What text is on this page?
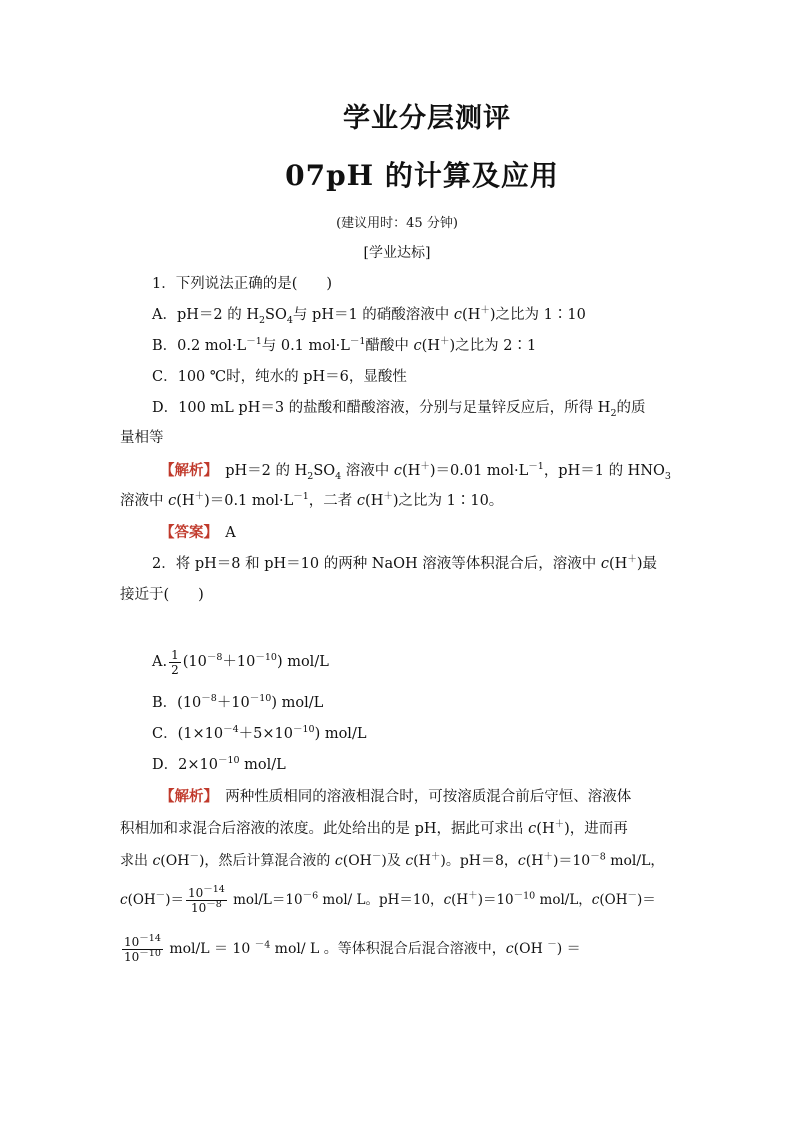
学业分层测评
07pH 的计算及应用
(建议用时：45 分钟)
[学业达标]
1．下列说法正确的是(　　)
A．pH＝2 的 $H_2SO_4$与 pH＝1 的硝酸溶液中 c(H＋)之比为 1∶10
B．0.2 $mol\cdot L^{-1}$与 0.1 $mol\cdot L^{-1}$醋酸中 c(H＋)之比为 2∶1
C．100 ℃时，纯水的 pH＝6，显酸性
D．100 mL pH＝3 的盐酸和醋酸溶液，分别与足量锌反应后，所得 $H_2$的质
量相等
【解析】　 pH＝2 的 $H_2SO_4$ 溶液中 c(H＋)＝0.01 $mol\cdot L^{-1}$，pH＝1 的 $HNO_3$
溶液中 c(H＋)＝0.1 $mol\cdot L^{-1}$，二者 c(H＋)之比为 1∶10。
【答案】　 A
2．将 pH＝8 和 pH＝10 的两种 NaOH 溶液等体积混合后，溶液中 c(H＋)最
接近于(　　)
A. $\frac{1}{2} (10^{-8}+10^{-10})$ mol/L
B．$(10^{-8}+10^{-10})$ mol/L
C．$(1\times 10^{-4}+5\times 10^{-10})$ mol/L
D．$2\times 10^{-10}$ mol/L
【解析】　 两种性质相同的溶液相混合时，可按溶质混合前后守恒、溶液体
积相加和求混合后溶液的浓度。此处给出的是 pH，据此可求出 c(H＋)，进而再
求出 c(OH－)，然后计算混合液的 c(OH－)及 c(H＋)。pH＝8，$c(H^+)=10^{-8}$ mol/L，
$c(OH^-)= \frac{10^{-14}}{10^{-8}} mol/L=10^{-6}$ mol/ L。pH＝10，$c(H^+)=10^{-10}$ mol/L，c(OH－)＝
$\frac{10^{-14}}{10^{-10}} mol/L = 10$ $^{-4}$ mol/ L 。等体积混合后混合溶液中，c(OH －) ＝
